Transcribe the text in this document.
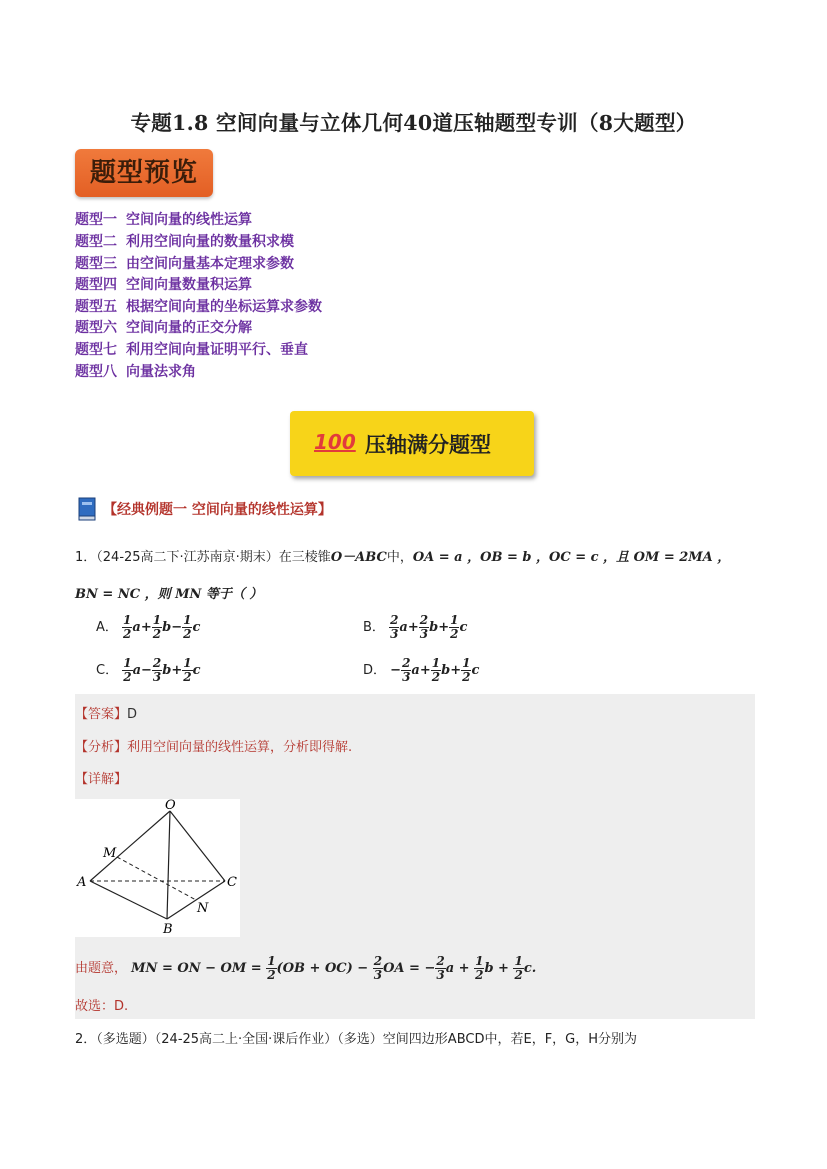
专题1.8 空间向量与立体几何40道压轴题型专训（8大题型）
题型预览
题型一 空间向量的线性运算
题型二 利用空间向量的数量积求模
题型三 由空间向量基本定理求参数
题型四 空间向量数量积运算
题型五 根据空间向量的坐标运算求参数
题型六 空间向量的正交分解
题型七 利用空间向量证明平行、垂直
题型八 向量法求角
100 压轴满分题型
【经典例题一 空间向量的线性运算】
1．（24-25高二下·江苏南京·期末）在三棱锥O－ABC中，OA = a ，OB = b ，OC = c ，且 OM = 2MA ，
BN = NC ，则 MN 等于（ ）
A． $\frac{1}{2} a+ \frac{1}{2} b- \frac{1}{2}$ c	B． $\frac{2}{3} a+ \frac{2}{3} b+ \frac{1}{2}$ c
C． $\frac{1}{2} a- \frac{2}{3} b+ \frac{1}{2}$ c	D． − $\frac{2}{3} a+ \frac{1}{2} b+ \frac{1}{2}$ c
【答案】D
【分析】利用空间向量的线性运算，分析即得解.
【详解】
O
M
A	C
N
B
由题意， MN = ON − OM = $\frac{1}{2} (OB + OC) - \frac{2}{3}$ OA = − $\frac{2}{3}$ $a + \frac{1}{2}$ $b + \frac{1}{2} c$.
故选：D.
2．（多选题）（24-25高二上·全国·课后作业）（多选）空间四边形ABCD中，若E，F，G，H分别为
